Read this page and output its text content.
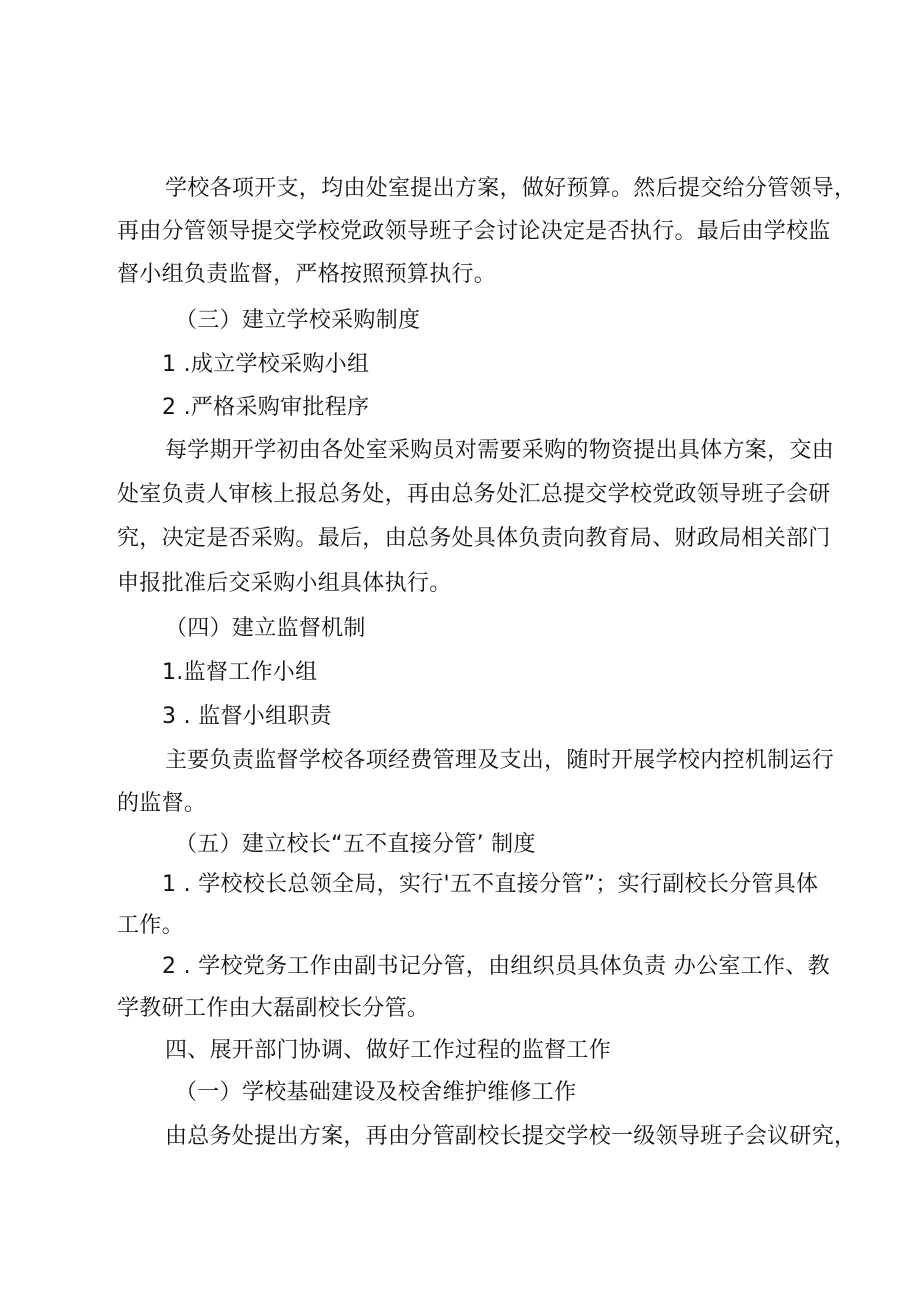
学校各项开支，均由处室提出方案，做好预算。然后提交给分管领导，
再由分管领导提交学校党政领导班子会讨论决定是否执行。最后由学校监
督小组负责监督，严格按照预算执行。
（三）建立学校采购制度
1 .成立学校采购小组
2 .严格采购审批程序
每学期开学初由各处室采购员对需要采购的物资提出具体方案，交由
处室负责人审核上报总务处，再由总务处汇总提交学校党政领导班子会研
究，决定是否采购。最后，由总务处具体负责向教育局、财政局相关部门
申报批准后交采购小组具体执行。
（四）建立监督机制
1.监督工作小组
3 . 监督小组职责
主要负责监督学校各项经费管理及支出，随时开展学校内控机制运行
的监督。
（五）建立校长“五不直接分管’ 制度
1 . 学校校长总领全局，实行'五不直接分管”；实行副校长分管具体
工作。
2 . 学校党务工作由副书记分管，由组织员具体负责 办公室工作、教
学教研工作由大磊副校长分管。
四、展开部门协调、做好工作过程的监督工作
（一）学校基础建设及校舍维护维修工作
由总务处提出方案，再由分管副校长提交学校一级领导班子会议研究，
